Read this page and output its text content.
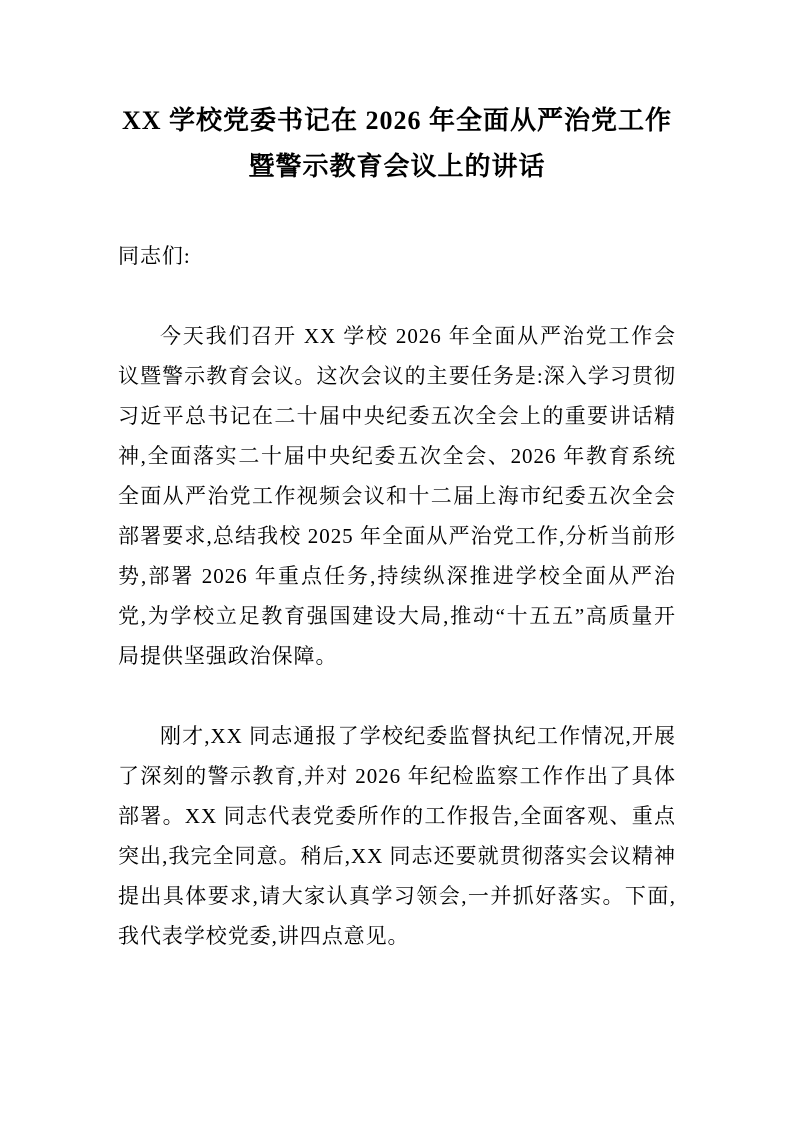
XX 学校党委书记在 2026 年全面从严治党工作暨警示教育会议上的讲话

同志们:

今天我们召开 XX 学校 2026 年全面从严治党工作会议暨警示教育会议。这次会议的主要任务是:深入学习贯彻习近平总书记在二十届中央纪委五次全会上的重要讲话精神,全面落实二十届中央纪委五次全会、2026 年教育系统全面从严治党工作视频会议和十二届上海市纪委五次全会部署要求,总结我校 2025 年全面从严治党工作,分析当前形势,部署 2026 年重点任务,持续纵深推进学校全面从严治党,为学校立足教育强国建设大局,推动“十五五”高质量开局提供坚强政治保障。

刚才,XX 同志通报了学校纪委监督执纪工作情况,开展了深刻的警示教育,并对 2026 年纪检监察工作作出了具体部署。XX 同志代表党委所作的工作报告,全面客观、重点突出,我完全同意。稍后,XX 同志还要就贯彻落实会议精神提出具体要求,请大家认真学习领会,一并抓好落实。下面,我代表学校党委,讲四点意见。
